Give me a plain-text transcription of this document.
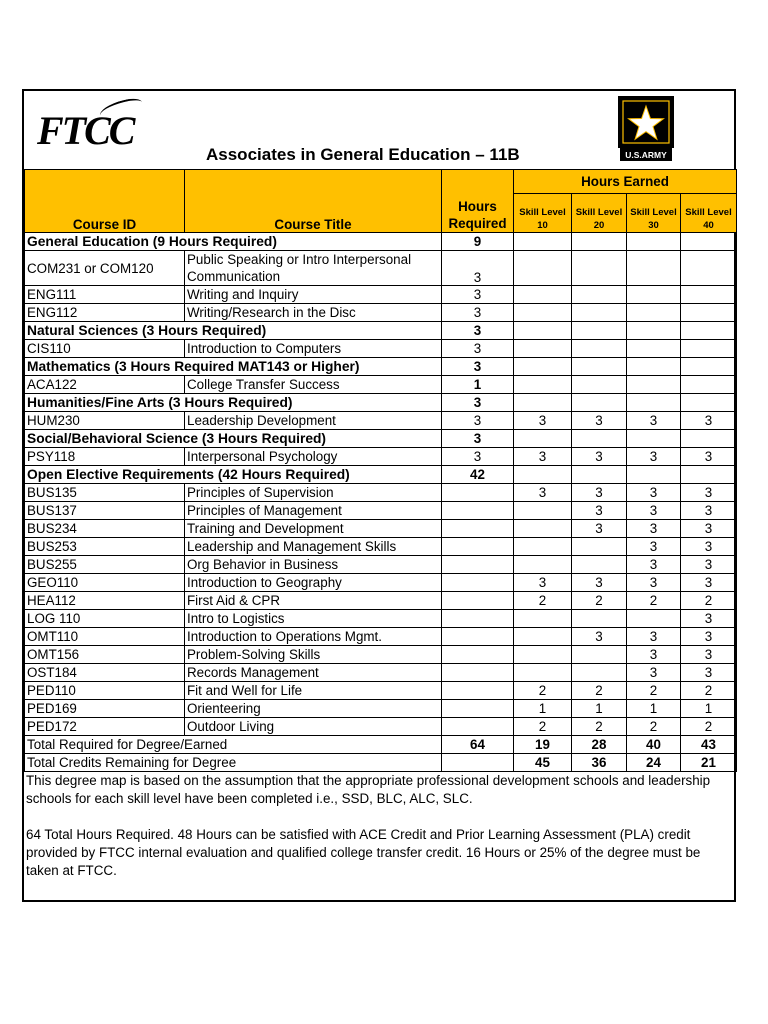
FTCC
Associates in General Education – 11B	U.S.ARMY
Course ID	Course Title	Hours Required	Hours Earned			
			Skill Level 10	Skill Level 20	Skill Level 30	Skill Level 40
General Education (9 Hours Required)		9				
COM231 or COM120	Public Speaking or Intro Interpersonal Communication	3				
ENG111	Writing and Inquiry	3				
ENG112	Writing/Research in the Disc	3				
Natural Sciences (3 Hours Required)		3				
CIS110	Introduction to Computers	3				
Mathematics (3 Hours Required MAT143 or Higher)		3				
ACA122	College Transfer Success	1				
Humanities/Fine Arts (3 Hours Required)		3				
HUM230	Leadership Development	3	3	3	3	3
Social/Behavioral Science (3 Hours Required)		3				
PSY118	Interpersonal Psychology	3	3	3	3	3
Open Elective Requirements (42 Hours Required)		42				
BUS135	Principles of Supervision		3	3	3	3
BUS137	Principles of Management			3	3	3
BUS234	Training and Development			3	3	3
BUS253	Leadership and Management Skills				3	3
BUS255	Org Behavior in Business				3	3
GEO110	Introduction to Geography		3	3	3	3
HEA112	First Aid & CPR		2	2	2	2
LOG 110	Intro to Logistics					3
OMT110	Introduction to Operations Mgmt.			3	3	3
OMT156	Problem-Solving Skills				3	3
OST184	Records Management				3	3
PED110	Fit and Well for Life		2	2	2	2
PED169	Orienteering		1	1	1	1
PED172	Outdoor Living		2	2	2	2
Total Required for Degree/Earned		64	19	28	40	43
Total Credits Remaining for Degree			45	36	24	21

This degree map is based on the assumption that the appropriate professional development schools and leadership schools for each skill level have been completed i.e., SSD, BLC, ALC, SLC.

64 Total Hours Required. 48 Hours can be satisfied with ACE Credit and Prior Learning Assessment (PLA) credit provided by FTCC internal evaluation and qualified college transfer credit. 16 Hours or 25% of the degree must be taken at FTCC.
